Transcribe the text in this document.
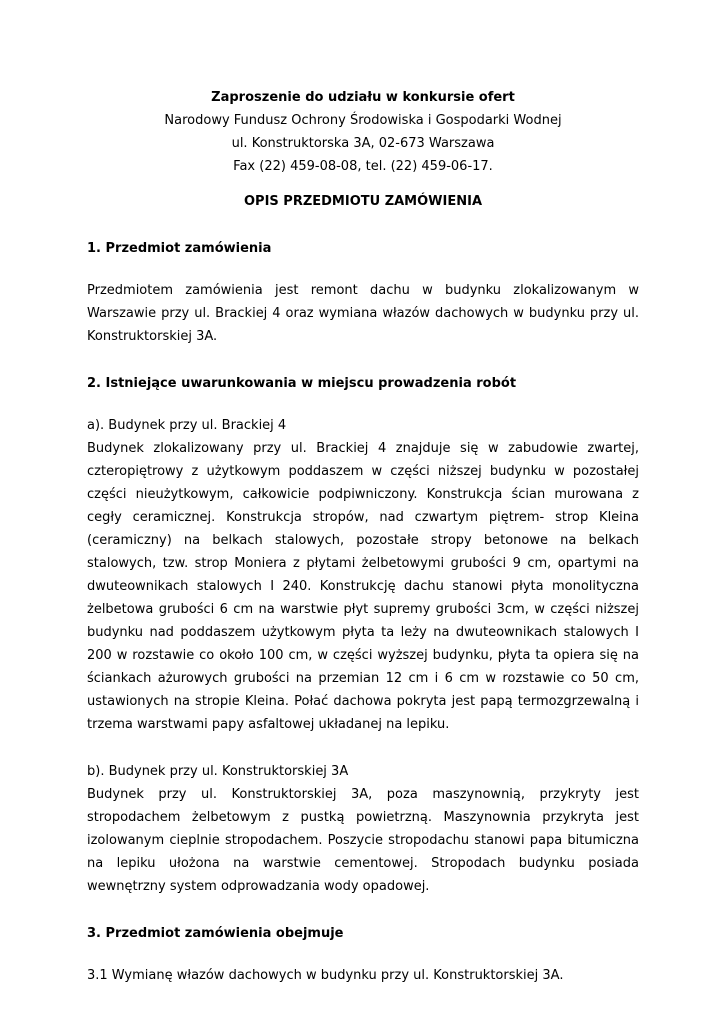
Zaproszenie do udziału w konkursie ofert
Narodowy Fundusz Ochrony Środowiska i Gospodarki Wodnej
ul. Konstruktorska 3A, 02-673 Warszawa
Fax (22) 459-08-08, tel. (22) 459-06-17.
OPIS PRZEDMIOTU ZAMÓWIENIA

1. Przedmiot zamówienia

Przedmiotem zamówienia jest remont dachu w budynku zlokalizowanym w Warszawie przy ul. Brackiej 4 oraz wymiana włazów dachowych w budynku przy ul. Konstruktorskiej 3A.

2. Istniejące uwarunkowania w miejscu prowadzenia robót

a). Budynek przy ul. Brackiej 4

Budynek zlokalizowany przy ul. Brackiej 4 znajduje się w zabudowie zwartej, czteropiętrowy z użytkowym poddaszem w części niższej budynku w pozostałej części nieużytkowym, całkowicie podpiwniczony. Konstrukcja ścian murowana z cegły ceramicznej. Konstrukcja stropów, nad czwartym piętrem- strop Kleina (ceramiczny) na belkach stalowych, pozostałe stropy betonowe na belkach stalowych, tzw. strop Moniera z płytami żelbetowymi grubości 9 cm, opartymi na dwuteownikach stalowych I 240. Konstrukcję dachu stanowi płyta monolityczna żelbetowa grubości 6 cm na warstwie płyt supremy grubości 3cm, w części niższej budynku nad poddaszem użytkowym płyta ta leży na dwuteownikach stalowych I 200 w rozstawie co około 100 cm, w części wyższej budynku, płyta ta opiera się na ściankach ażurowych grubości na przemian 12 cm i 6 cm w rozstawie co 50 cm, ustawionych na stropie Kleina. Połać dachowa pokryta jest papą termozgrzewalną i trzema warstwami papy asfaltowej układanej na lepiku.

b). Budynek przy ul. Konstruktorskiej 3A

Budynek przy ul. Konstruktorskiej 3A, poza maszynownią, przykryty jest stropodachem żelbetowym z pustką powietrzną. Maszynownia przykryta jest izolowanym cieplnie stropodachem. Poszycie stropodachu stanowi papa bitumiczna na lepiku ułożona na warstwie cementowej. Stropodach budynku posiada wewnętrzny system odprowadzania wody opadowej.

3. Przedmiot zamówienia obejmuje

3.1 Wymianę włazów dachowych w budynku przy ul. Konstruktorskiej 3A.
